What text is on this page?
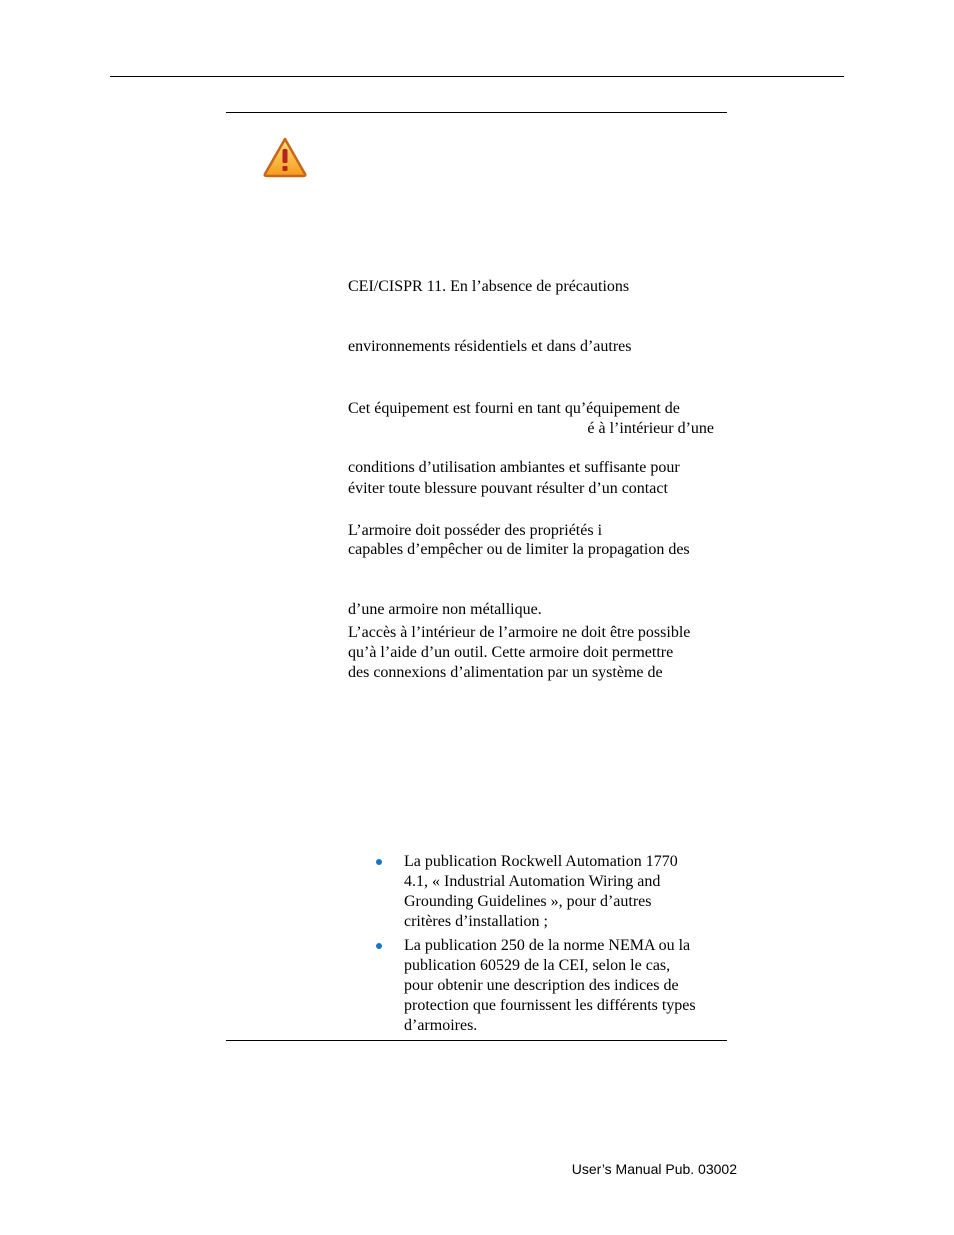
CEI/CISPR 11. En l’absence de précautions
environnements résidentiels et dans d’autres
Cet équipement est fourni en tant qu’équipement de
é à l’intérieur d’une
conditions d’utilisation ambiantes et suffisante pour
éviter toute blessure pouvant résulter d’un contact
L’armoire doit posséder des propriétés i
capables d’empêcher ou de limiter la propagation des
d’une armoire non métallique.
L’accès à l’intérieur de l’armoire ne doit être possible
qu’à l’aide d’un outil. Cette armoire doit permettre
des connexions d’alimentation par un système de
La publication Rockwell Automation 1770
4.1, « Industrial Automation Wiring and
Grounding Guidelines », pour d’autres
critères d’installation ;
La publication 250 de la norme NEMA ou la
publication 60529 de la CEI, selon le cas,
pour obtenir une description des indices de
protection que fournissent les différents types
d’armoires.
User’s Manual Pub. 03002
